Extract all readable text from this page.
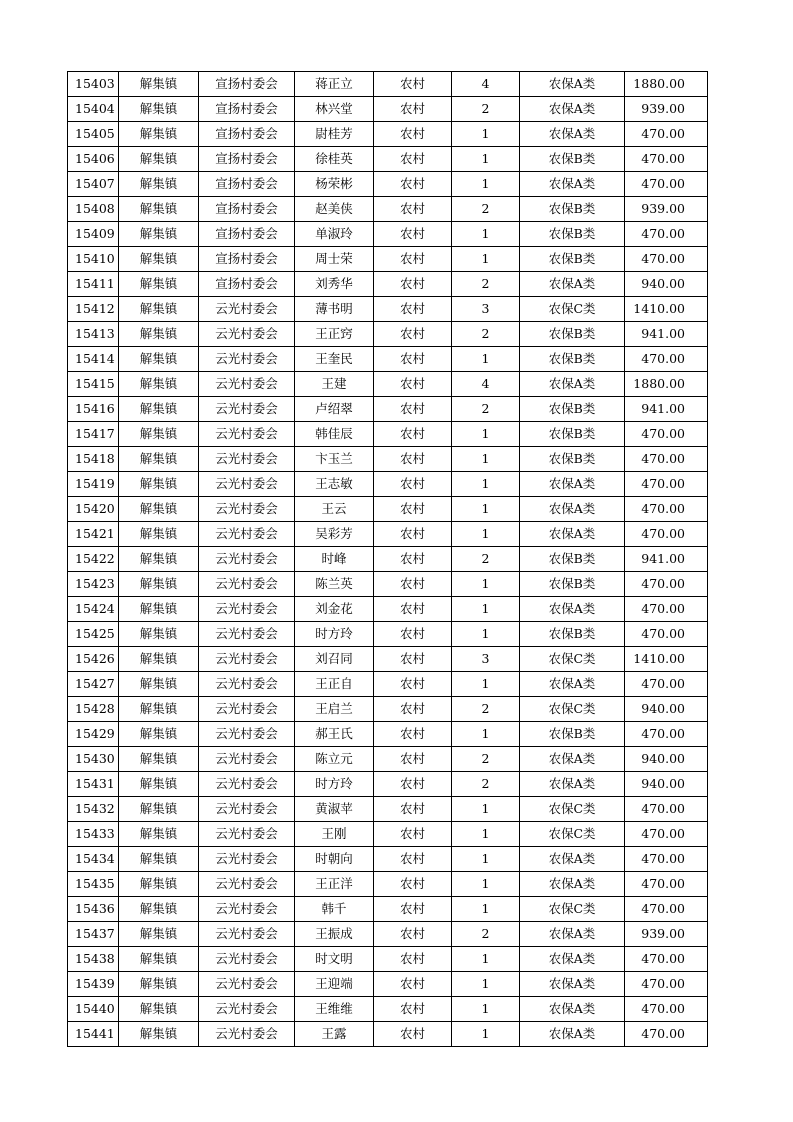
15403	解集镇	宣扬村委会	蒋正立	农村	4	农保A类	1880.00
15404	解集镇	宣扬村委会	林兴堂	农村	2	农保A类	939.00
15405	解集镇	宣扬村委会	尉桂芳	农村	1	农保A类	470.00
15406	解集镇	宣扬村委会	徐桂英	农村	1	农保B类	470.00
15407	解集镇	宣扬村委会	杨荣彬	农村	1	农保A类	470.00
15408	解集镇	宣扬村委会	赵美侠	农村	2	农保B类	939.00
15409	解集镇	宣扬村委会	单淑玲	农村	1	农保B类	470.00
15410	解集镇	宣扬村委会	周士荣	农村	1	农保B类	470.00
15411	解集镇	宣扬村委会	刘秀华	农村	2	农保A类	940.00
15412	解集镇	云光村委会	薄书明	农村	3	农保C类	1410.00
15413	解集镇	云光村委会	王正窍	农村	2	农保B类	941.00
15414	解集镇	云光村委会	王奎民	农村	1	农保B类	470.00
15415	解集镇	云光村委会	王建	农村	4	农保A类	1880.00
15416	解集镇	云光村委会	卢绍翠	农村	2	农保B类	941.00
15417	解集镇	云光村委会	韩佳辰	农村	1	农保B类	470.00
15418	解集镇	云光村委会	卞玉兰	农村	1	农保B类	470.00
15419	解集镇	云光村委会	王志敏	农村	1	农保A类	470.00
15420	解集镇	云光村委会	王云	农村	1	农保A类	470.00
15421	解集镇	云光村委会	吴彩芳	农村	1	农保A类	470.00
15422	解集镇	云光村委会	时峰	农村	2	农保B类	941.00
15423	解集镇	云光村委会	陈兰英	农村	1	农保B类	470.00
15424	解集镇	云光村委会	刘金花	农村	1	农保A类	470.00
15425	解集镇	云光村委会	时方玲	农村	1	农保B类	470.00
15426	解集镇	云光村委会	刘召同	农村	3	农保C类	1410.00
15427	解集镇	云光村委会	王正自	农村	1	农保A类	470.00
15428	解集镇	云光村委会	王启兰	农村	2	农保C类	940.00
15429	解集镇	云光村委会	郝王氏	农村	1	农保B类	470.00
15430	解集镇	云光村委会	陈立元	农村	2	农保A类	940.00
15431	解集镇	云光村委会	时方玲	农村	2	农保A类	940.00
15432	解集镇	云光村委会	黄淑苹	农村	1	农保C类	470.00
15433	解集镇	云光村委会	王刚	农村	1	农保C类	470.00
15434	解集镇	云光村委会	时朝向	农村	1	农保A类	470.00
15435	解集镇	云光村委会	王正洋	农村	1	农保A类	470.00
15436	解集镇	云光村委会	韩千	农村	1	农保C类	470.00
15437	解集镇	云光村委会	王振成	农村	2	农保A类	939.00
15438	解集镇	云光村委会	时文明	农村	1	农保A类	470.00
15439	解集镇	云光村委会	王迎端	农村	1	农保A类	470.00
15440	解集镇	云光村委会	王维维	农村	1	农保A类	470.00
15441	解集镇	云光村委会	王露	农村	1	农保A类	470.00
